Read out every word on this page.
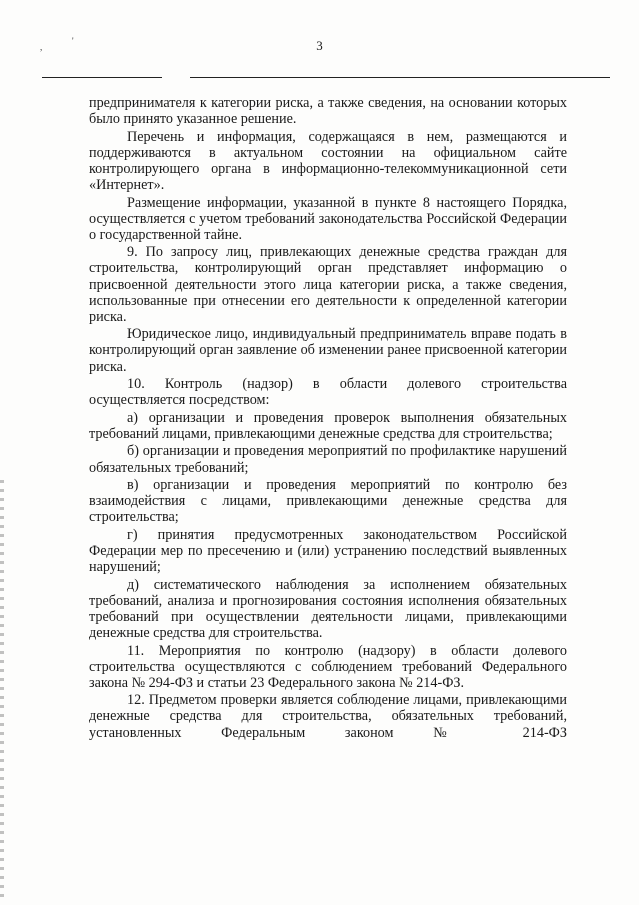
,
'	3

предпринимателя к категории риска, а также сведения, на основании которых было принято указанное решение.

Перечень и информация, содержащаяся в нем, размещаются и поддерживаются в актуальном состоянии на официальном сайте контролирующего органа в информационно-телекоммуникационной сети «Интернет».

Размещение информации, указанной в пункте 8 настоящего Порядка, осуществляется с учетом требований законодательства Российской Федерации о государственной тайне.

9. По запросу лиц, привлекающих денежные средства граждан для строительства, контролирующий орган представляет информацию о присвоенной деятельности этого лица категории риска, а также сведения, использованные при отнесении его деятельности к определенной категории риска.

Юридическое лицо, индивидуальный предприниматель вправе подать в контролирующий орган заявление об изменении ранее присвоенной категории риска.

10. Контроль (надзор) в области долевого строительства осуществляется посредством:

а) организации и проведения проверок выполнения обязательных требований лицами, привлекающими денежные средства для строительства;

б) организации и проведения мероприятий по профилактике нарушений обязательных требований;

в) организации и проведения мероприятий по контролю без взаимодействия с лицами, привлекающими денежные средства для строительства;

г) принятия предусмотренных законодательством Российской Федерации мер по пресечению и (или) устранению последствий выявленных нарушений;

д) систематического наблюдения за исполнением обязательных требований, анализа и прогнозирования состояния исполнения обязательных требований при осуществлении деятельности лицами, привлекающими денежные средства для строительства.

11. Мероприятия по контролю (надзору) в области долевого строительства осуществляются с соблюдением требований Федерального закона № 294-ФЗ и статьи 23 Федерального закона № 214-ФЗ.

12. Предметом проверки является соблюдение лицами, привлекающими денежные средства для строительства, обязательных требований, установленных Федеральным законом № 214-ФЗ
